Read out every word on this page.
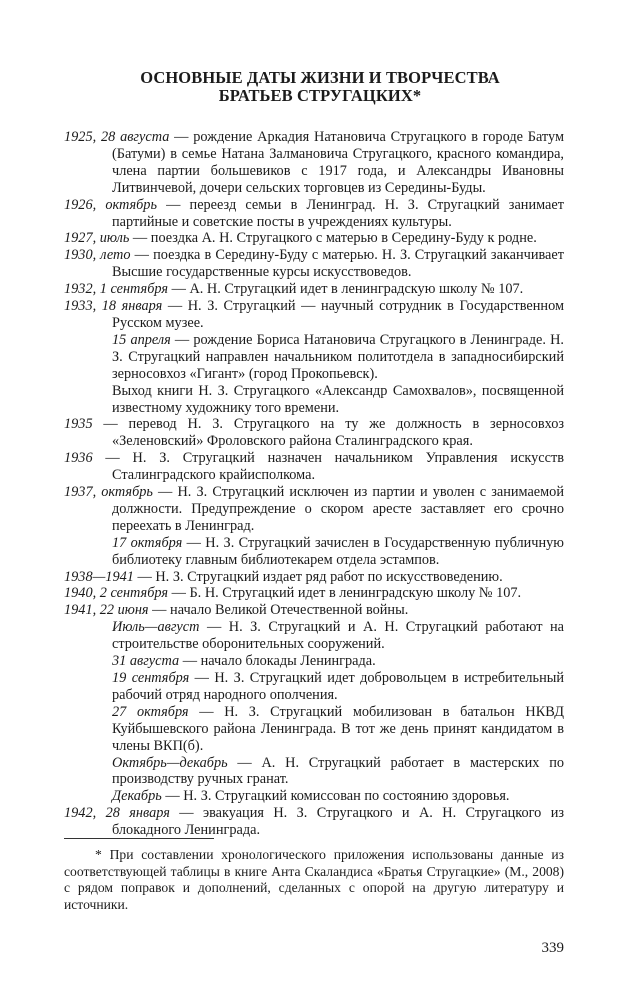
ОСНОВНЫЕ ДАТЫ ЖИЗНИ И ТВОРЧЕСТВА
БРАТЬЕВ СТРУГАЦКИХ*

1925, 28 августа — рождение Аркадия Натановича Стругацкого в городе Батум (Батуми) в семье Натана Залмановича Стругацкого, красного командира, члена партии большевиков с 1917 года, и Александры Ивановны Литвинчевой, дочери сельских торговцев из Середины-Буды.

1926, октябрь — переезд семьи в Ленинград. Н. З. Стругацкий занимает партийные и советские посты в учреждениях культуры.

1927, июль — поездка А. Н. Стругацкого с матерью в Середину-Буду к родне.

1930, лето — поездка в Середину-Буду с матерью. Н. З. Стругацкий заканчивает Высшие государственные курсы искусствоведов.

1932, 1 сентября — А. Н. Стругацкий идет в ленинградскую школу № 107.

1933, 18 января — Н. З. Стругацкий — научный сотрудник в Государственном Русском музее.

15 апреля — рождение Бориса Натановича Стругацкого в Ленинграде. Н. З. Стругацкий направлен начальником политотдела в западносибирский зерносовхоз «Гигант» (город Прокопьевск).

Выход книги Н. З. Стругацкого «Александр Самохвалов», посвященной известному художнику того времени.

1935 — перевод Н. З. Стругацкого на ту же должность в зерносовхоз «Зеленовский» Фроловского района Сталинградского края.

1936 — Н. З. Стругацкий назначен начальником Управления искусств Сталинградского крайисполкома.

1937, октябрь — Н. З. Стругацкий исключен из партии и уволен с занимаемой должности. Предупреждение о скором аресте заставляет его срочно переехать в Ленинград.

17 октября — Н. З. Стругацкий зачислен в Государственную публичную библиотеку главным библиотекарем отдела эстампов.

1938—1941 — Н. З. Стругацкий издает ряд работ по искусствоведению.

1940, 2 сентября — Б. Н. Стругацкий идет в ленинградскую школу № 107.

1941, 22 июня — начало Великой Отечественной войны.

Июль—август — Н. З. Стругацкий и А. Н. Стругацкий работают на строительстве оборонительных сооружений.

31 августа — начало блокады Ленинграда.

19 сентября — Н. З. Стругацкий идет добровольцем в истребительный рабочий отряд народного ополчения.

27 октября — Н. З. Стругацкий мобилизован в батальон НКВД Куйбышевского района Ленинграда. В тот же день принят кандидатом в члены ВКП(б).

Октябрь—декабрь — А. Н. Стругацкий работает в мастерских по производству ручных гранат.

Декабрь — Н. З. Стругацкий комиссован по состоянию здоровья.

1942, 28 января — эвакуация Н. З. Стругацкого и А. Н. Стругацкого из блокадного Ленинграда.

* При составлении хронологического приложения использованы данные из соответствующей таблицы в книге Анта Скаландиса «Братья Стругацкие» (М., 2008) с рядом поправок и дополнений, сделанных с опорой на другую литературу и источники.
339
